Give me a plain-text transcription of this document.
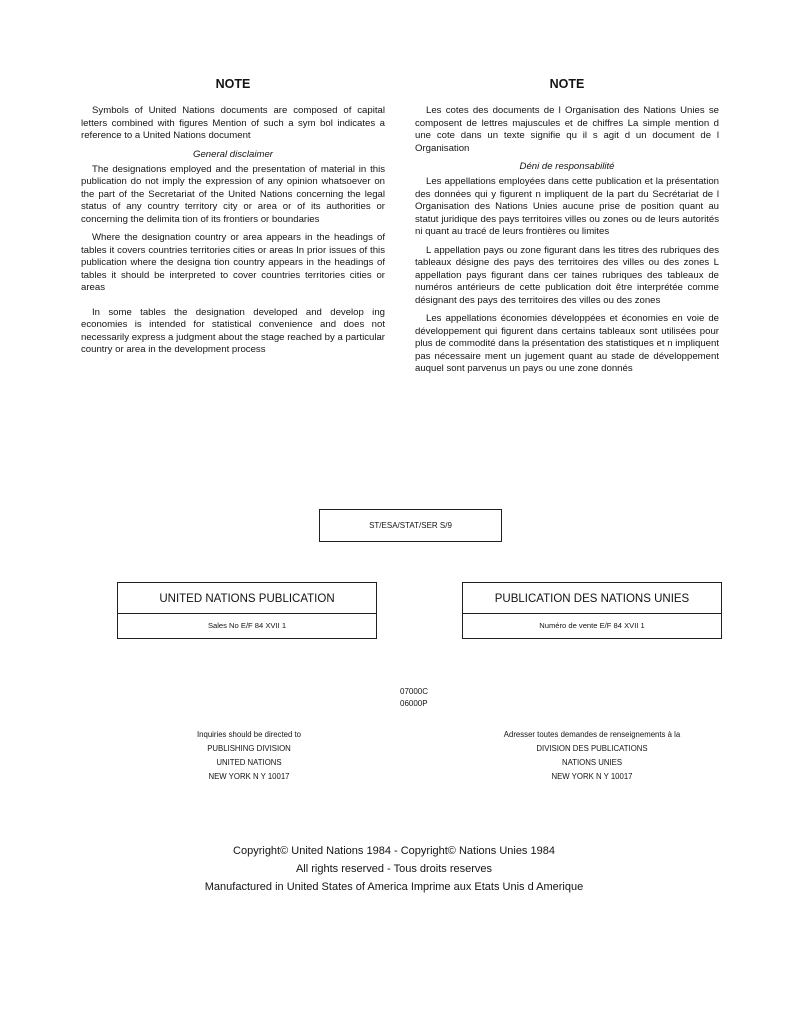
NOTE

Symbols of United Nations documents are composed of capital letters combined with figures Mention of such a sym bol indicates a reference to a United Nations document

General disclaimer

The designations employed and the presentation of material in this publication do not imply the expression of any opinion whatsoever on the part of the Secretariat of the United Nations concerning the legal status of any country territory city or area or of its authorities or concerning the delimita tion of its frontiers or boundaries

Where the designation country or area appears in the headings of tables it covers countries territories cities or areas In prior issues of this publication where the designa tion country appears in the headings of tables it should be interpreted to cover countries territories cities or areas

In some tables the designation developed and develop ing economies is intended for statistical convenience and does not necessarily express a judgment about the stage reached by a particular country or area in the development process

NOTE

Les cotes des documents de l Organisation des Nations Unies se composent de lettres majuscules et de chiffres La simple mention d une cote dans un texte signifie qu il s agit d un document de l Organisation

Déni de responsabilité

Les appellations employées dans cette publication et la présentation des données qui y figurent n impliquent de la part du Secrétariat de l Organisation des Nations Unies aucune prise de position quant au statut juridique des pays territoires villes ou zones ou de leurs autorités ni quant au tracé de leurs frontières ou limites

L appellation pays ou zone figurant dans les titres des rubriques des tableaux désigne des pays des territoires des villes ou des zones L appellation pays figurant dans cer taines rubriques des tableaux de numéros antérieurs de cette publication doit être interprétée comme désignant des pays des territoires des villes ou des zones

Les appellations économies développées et économies en voie de développement qui figurent dans certains tableaux sont utilisées pour plus de commodité dans la présentation des statistiques et n impliquent pas nécessaire ment un jugement quant au stade de développement auquel sont parvenus un pays ou une zone donnés

ST/ESA/STAT/SER S/9
UNITED NATIONS PUBLICATION
Sales No E/F 84 XVII 1
PUBLICATION DES NATIONS UNIES
Numéro de vente E/F 84 XVII 1
07000C
06000P
Inquiries should be directed to
PUBLISHING DIVISION
UNITED NATIONS
NEW YORK N Y 10017
Adresser toutes demandes de renseignements à la
DIVISION DES PUBLICATIONS
NATIONS UNIES
NEW YORK N Y 10017
Copyright© United Nations 1984 - Copyright© Nations Unies 1984
All rights reserved - Tous droits reserves
Manufactured in United States of America Imprime aux Etats Unis d Amerique
